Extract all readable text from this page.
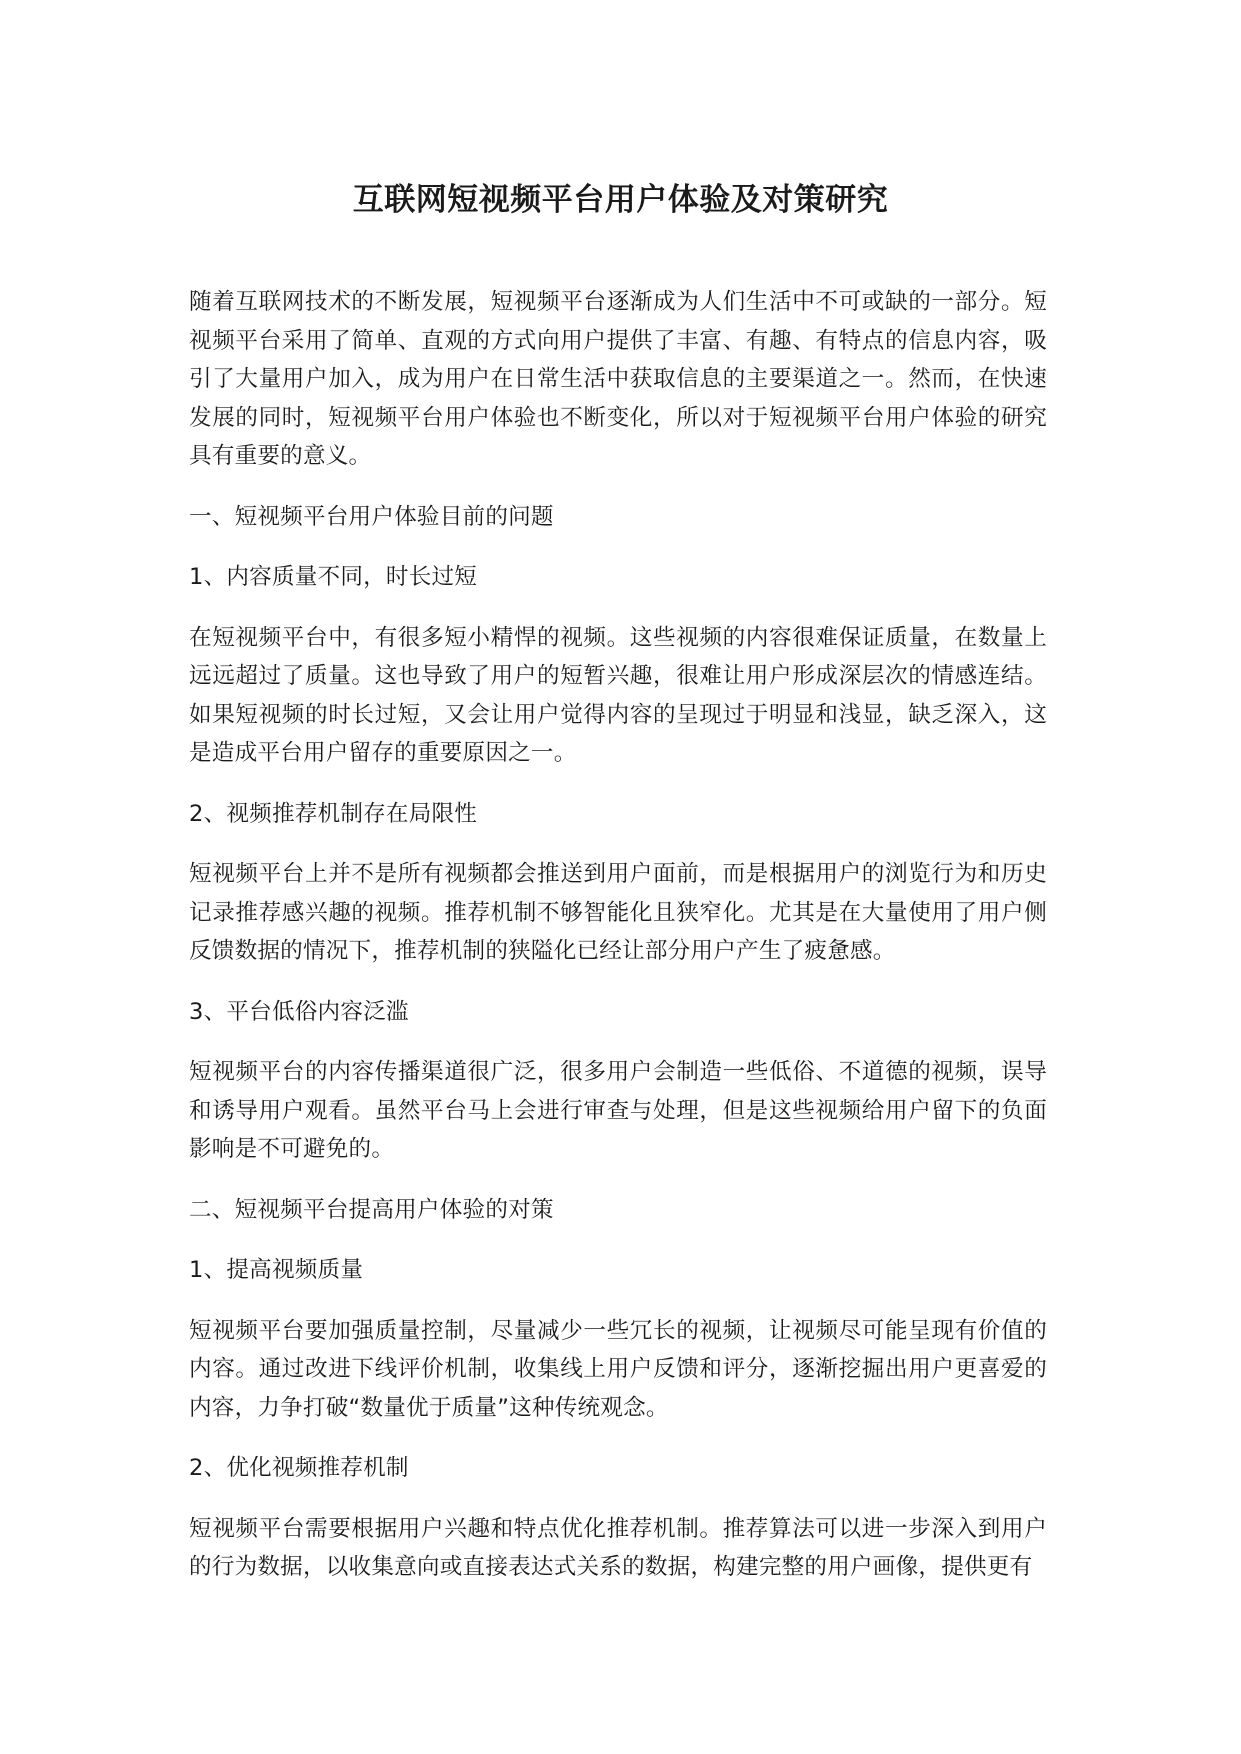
互联网短视频平台用户体验及对策研究

随着互联网技术的不断发展，短视频平台逐渐成为人们生活中不可或缺的一部分。短视频平台采用了简单、直观的方式向用户提供了丰富、有趣、有特点的信息内容，吸引了大量用户加入，成为用户在日常生活中获取信息的主要渠道之一。然而，在快速发展的同时，短视频平台用户体验也不断变化，所以对于短视频平台用户体验的研究具有重要的意义。

一、短视频平台用户体验目前的问题

1、内容质量不同，时长过短

在短视频平台中，有很多短小精悍的视频。这些视频的内容很难保证质量，在数量上远远超过了质量。这也导致了用户的短暂兴趣，很难让用户形成深层次的情感连结。如果短视频的时长过短，又会让用户觉得内容的呈现过于明显和浅显，缺乏深入，这是造成平台用户留存的重要原因之一。

2、视频推荐机制存在局限性

短视频平台上并不是所有视频都会推送到用户面前，而是根据用户的浏览行为和历史记录推荐感兴趣的视频。推荐机制不够智能化且狭窄化。尤其是在大量使用了用户侧反馈数据的情况下，推荐机制的狭隘化已经让部分用户产生了疲惫感。

3、平台低俗内容泛滥

短视频平台的内容传播渠道很广泛，很多用户会制造一些低俗、不道德的视频，误导和诱导用户观看。虽然平台马上会进行审查与处理，但是这些视频给用户留下的负面影响是不可避免的。

二、短视频平台提高用户体验的对策

1、提高视频质量

短视频平台要加强质量控制，尽量减少一些冗长的视频，让视频尽可能呈现有价值的内容。通过改进下线评价机制，收集线上用户反馈和评分，逐渐挖掘出用户更喜爱的内容，力争打破“数量优于质量”这种传统观念。

2、优化视频推荐机制

短视频平台需要根据用户兴趣和特点优化推荐机制。推荐算法可以进一步深入到用户的行为数据，以收集意向或直接表达式关系的数据，构建完整的用户画像，提供更有
